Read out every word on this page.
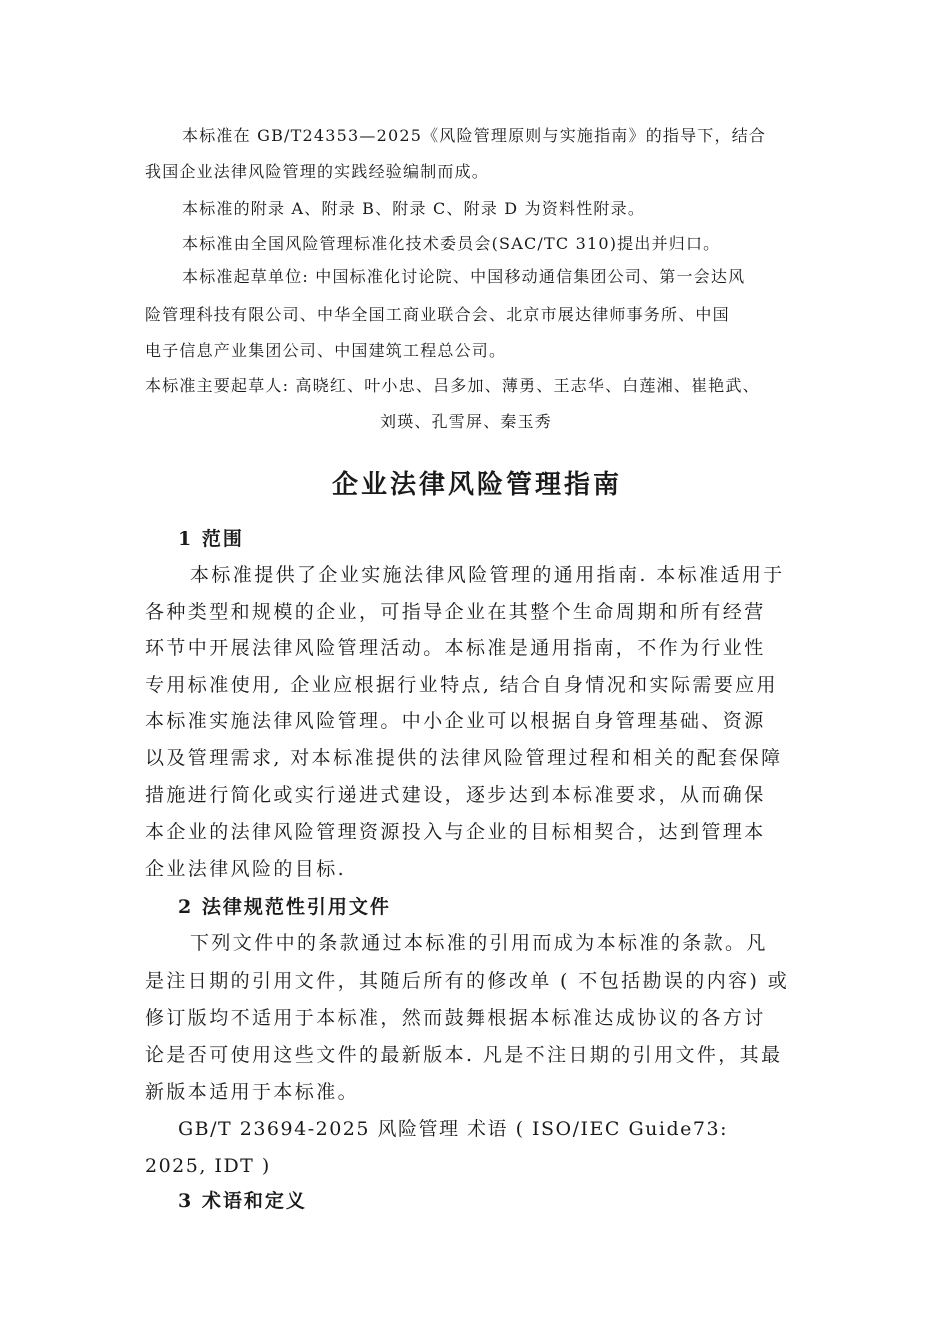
本标准在 GB/T24353—2025《风险管理原则与实施指南》的指导下，结合
我国企业法律风险管理的实践经验编制而成。
本标准的附录 A、附录 B、附录 C、附录 D 为资料性附录。
本标准由全国风险管理标准化技术委员会(SAC/TC 310)提出并归口。
本标准起草单位: 中国标准化讨论院、中国移动通信集团公司、第一会达风
险管理科技有限公司、中华全国工商业联合会、北京市展达律师事务所、中国
电子信息产业集团公司、中国建筑工程总公司。
本标准主要起草人: 高晓红、叶小忠、吕多加、薄勇、王志华、白莲湘、崔艳武、
刘瑛、孔雪屏、秦玉秀
企业法律风险管理指南
1 范围
本标准提供了企业实施法律风险管理的通用指南. 本标准适用于
各种类型和规模的企业，可指导企业在其整个生命周期和所有经营
环节中开展法律风险管理活动。本标准是通用指南，不作为行业性
专用标准使用, 企业应根据行业特点, 结合自身情况和实际需要应用
本标准实施法律风险管理。中小企业可以根据自身管理基础、资源
以及管理需求, 对本标准提供的法律风险管理过程和相关的配套保障
措施进行简化或实行递进式建设，逐步达到本标准要求，从而确保
本企业的法律风险管理资源投入与企业的目标相契合，达到管理本
企业法律风险的目标.
2 法律规范性引用文件
下列文件中的条款通过本标准的引用而成为本标准的条款。凡
是注日期的引用文件，其随后所有的修改单 ( 不包括勘误的内容) 或
修订版均不适用于本标准，然而鼓舞根据本标准达成协议的各方讨
论是否可使用这些文件的最新版本. 凡是不注日期的引用文件，其最
新版本适用于本标准。
GB/T 23694-2025 风险管理 术语 ( ISO/IEC Guide73:
2025, IDT )
3 术语和定义
